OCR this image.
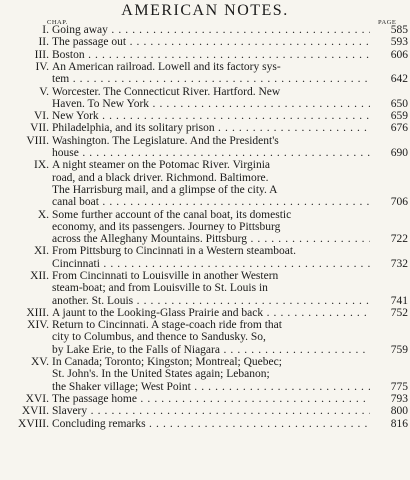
AMERICAN NOTES.
CHAP.	PAGE
I. Going away . . .	585
II. The passage out . . .	593
III. Boston . . .	606
IV. An American railroad. Lowell and its factory sys-
tem . . .	642
V. Worcester. The Connecticut River. Hartford. New
Haven. To New York . . .	650
VI. New York . . .	659
VII. Philadelphia, and its solitary prison . . .	676
VIII. Washington. The Legislature. And the President's
house . . .	690
IX. A night steamer on the Potomac River. Virginia
road, and a black driver. Richmond. Baltimore.
The Harrisburg mail, and a glimpse of the city. A
canal boat . . .	706
X. Some further account of the canal boat, its domestic
economy, and its passengers. Journey to Pittsburg
across the Alleghany Mountains. Pittsburg . . .	722
XI. From Pittsburg to Cincinnati in a Western steamboat.
Cincinnati . . .	732
XII. From Cincinnati to Louisville in another Western
steam-boat; and from Louisville to St. Louis in
another. St. Louis . . .	741
XIII. A jaunt to the Looking-Glass Prairie and back . . .	752
XIV. Return to Cincinnati. A stage-coach ride from that
city to Columbus, and thence to Sandusky. So,
by Lake Erie, to the Falls of Niagara . . .	759
XV. In Canada; Toronto; Kingston; Montreal; Quebec;
St. John's. In the United States again; Lebanon;
the Shaker village; West Point . . .	775
XVI. The passage home . . .	793
XVII. Slavery . . .	800
XVIII. Concluding remarks . . .	816
